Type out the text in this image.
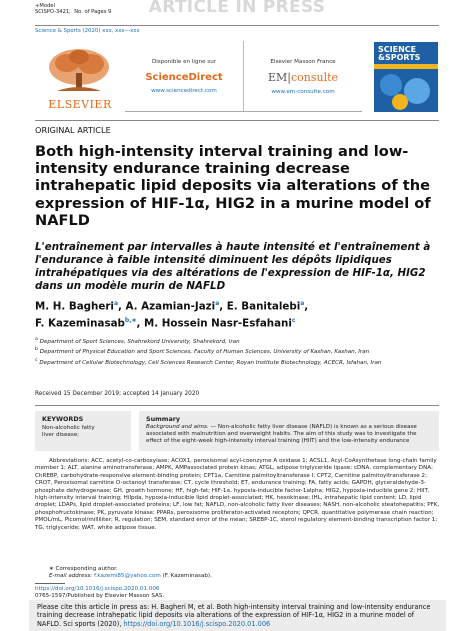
+Model
SCISPO-3421; No. of Pages 9	ARTICLE IN PRESS
Science & Sports (2020) xxx, xxx—xxx
ELSEVIER
Disponible en ligne sur
ScienceDirect
www.sciencedirect.com
Elsevier Masson France
EM|consulte
www.em-consulte.com
SCIENCE &SPORTS
ORIGINAL ARTICLE
Both high-intensity interval training and low-intensity endurance training decrease intrahepatic lipid deposits via alterations of the expression of HIF-1α, HIG2 in a murine model of NAFLD
L'entraînement par intervalles à haute intensité et l'entraînement à l'endurance à faible intensité diminuent les dépôts lipidiques intrahépatiques via des altérations de l'expression de HIF-1α, HIG2 dans un modèle murin de NAFLD
M. H. Bagheri$^a$, A. Azamian-Jazi$^a$, E. Banitalebi$^a$,
F. Kazeminasab$^{b,∗}$, M. Hossein Nasr-Esfahani$^c$
$^a$ Department of Sport Sciences, Shahrekord University, Shahrekord, Iran
$^b$ Department of Physical Education and Sport Sciences, Faculty of Human Sciences, University of Kashan, Kashan, Iran
$^c$ Department of Cellular Biotechnology, Cell Sciences Research Center, Royan Institute Biotechnology, ACECR, Isfahan, Iran
Received 15 December 2019; accepted 14 January 2020
KEYWORDS
Non-alcoholic fatty
liver disease;
Summary
Background and aims. — Non-alcoholic fatty liver disease (NAFLD) is known as a serious disease associated with malnutrition and overweight habits. The aim of this study was to investigate the effect of the eight-week high-intensity interval training (HIIT) and the low-intensity endurance
Abbreviations: ACC, acetyl-co-carboxylase; ACOX1, peroxisomal acyl-coenzyme A oxidase 1; ACSL1, Acyl-CoAsynthetase long-chain family member 1; ALT, alanine aminotransferase; AMPK, AMPassociated protein kinas; ATGL, adipose triglyceride lipase; cDNA, complementary DNA; ChREBP, carbohydrate-responsive element-binding protein; CPT1a, Carnitine palmitoyltransferase I; CPT2, Carnitine palmitoyltransferase 2; CROT, Peroxisomal carnitine O-octanoyl transferase; CT, cycle threshold; ET, endurance training; FA, fatty acids; GAPDH, glyceraldehyde-3-phosphate dehydrogenase; GH, growth hormone; HF, high-fat; HIF-1α, hypoxia-inducible factor-1alpha; HIG2, hypoxia-inducible gene 2; HIIT, high-intensity interval training; Hilpda, hypoxia-inducible lipid droplet-associated; HK, hexokinase; IHL, intrahepatic lipid content; LD, lipid droplet; LDAPs, lipid droplet-associated proteins; LF, low fat; NAFLD, non-alcoholic fatty liver diseases; NASH, non-alcoholic steatohepatitis; PFK, phosphofructokinase; PK, pyruvate kinase; PPARs, peroxisome proliferator-activated receptors; QPCR, quantitative polymerase chain reaction; PMOL/mL, Picomol/milliliter; R, regulation; SEM, standard error of the mean; SREBP-1C, sterol regulatory element-binding transcription factor 1; TG, triglyceride; WAT, white adipose tissue.
∗ Corresponding author.
E-mail address: f.kazemi85@yahoo.com (F. Kazeminasab).
https://doi.org/10.1016/j.scispo.2020.01.006
0765-1597/Published by Elsevier Masson SAS.
Please cite this article in press as: H. Bagheri M, et al. Both high-intensity interval training and low-intensity endurance training decrease intrahepatic lipid deposits via alterations of the expression of HIF-1α, HIG2 in a murine model of NAFLD. Sci sports (2020), https://doi.org/10.1016/j.scispo.2020.01.006
